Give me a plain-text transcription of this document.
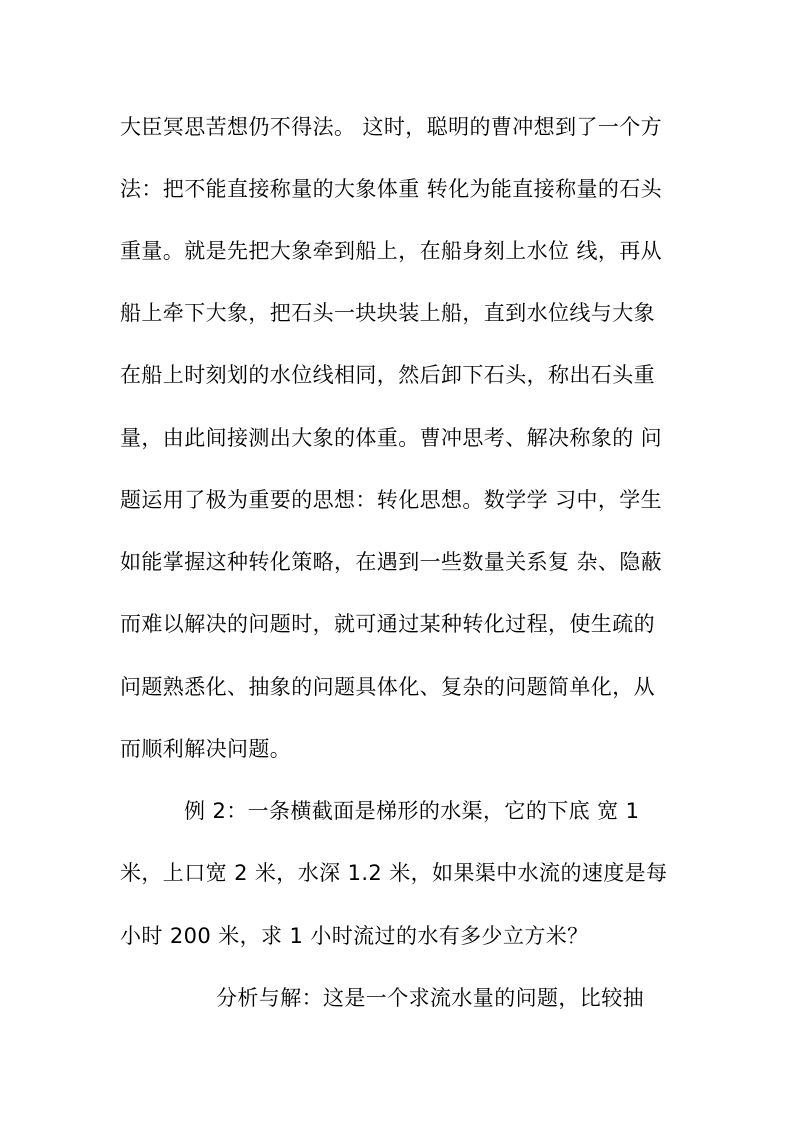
大臣冥思苦想仍不得法。 这时，聪明的曹冲想到了一个方
法：把不能直接称量的大象体重 转化为能直接称量的石头
重量。就是先把大象牵到船上，在船身刻上水位 线，再从
船上牵下大象，把石头一块块装上船，直到水位线与大象
在船上时刻划的水位线相同，然后卸下石头，称出石头重
量，由此间接测出大象的体重。曹冲思考、解决称象的 问
题运用了极为重要的思想：转化思想。数学学 习中，学生
如能掌握这种转化策略，在遇到一些数量关系复 杂、隐蔽
而难以解决的问题时，就可通过某种转化过程，使生疏的
问题熟悉化、抽象的问题具体化、复杂的问题简单化，从
而顺利解决问题。
例 2：一条横截面是梯形的水渠，它的下底 宽 1
米，上口宽 2 米，水深 1.2 米，如果渠中水流的速度是每
小时 200 米，求 1 小时流过的水有多少立方米？
分析与解：这是一个求流水量的问题，比较抽
